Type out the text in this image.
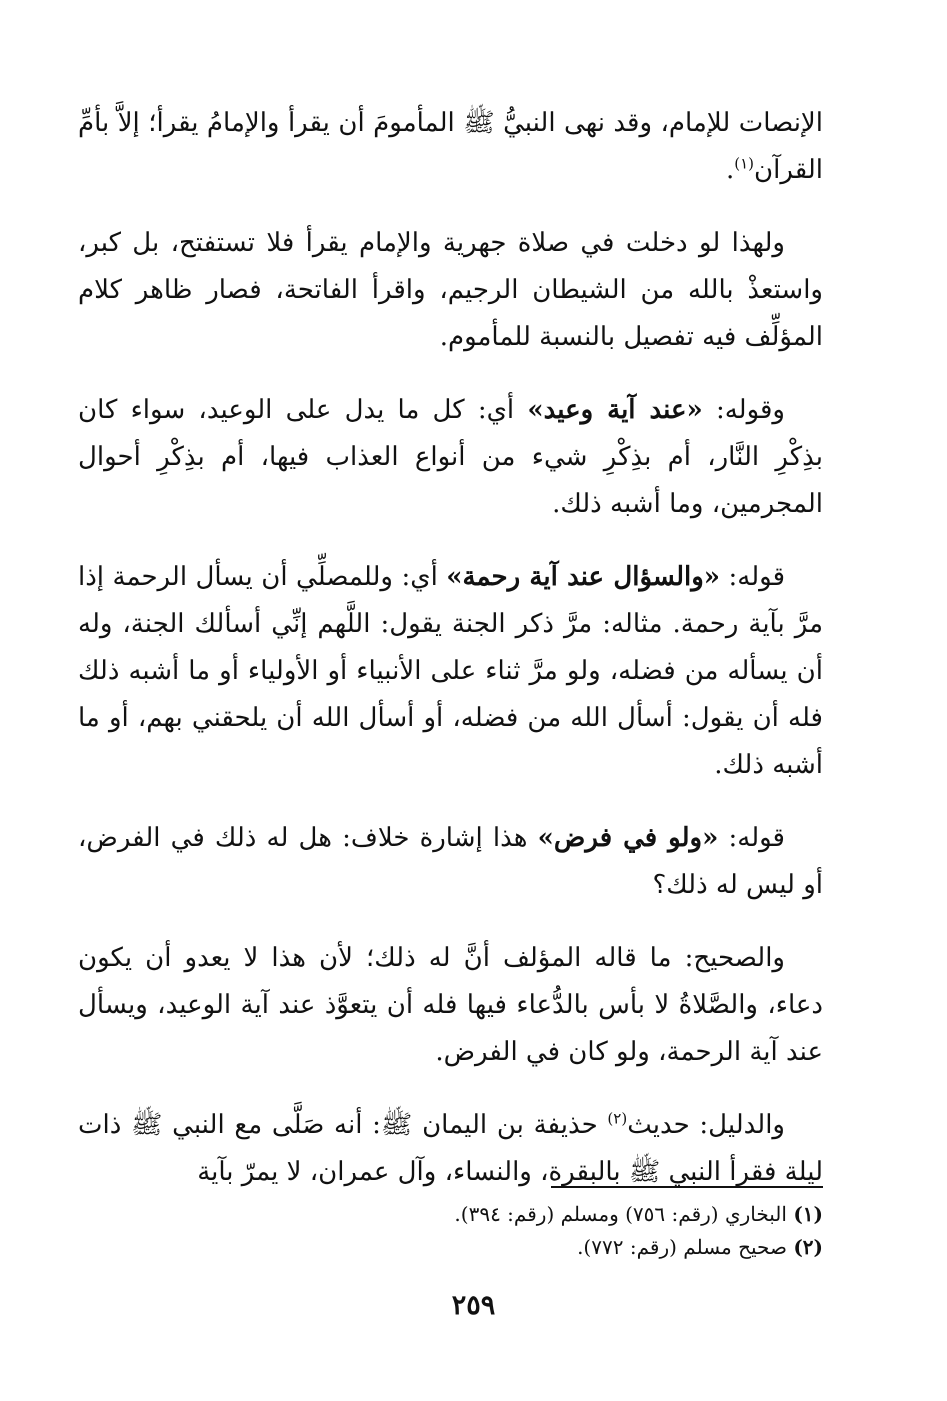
الإنصات للإمام، وقد نهى النبيُّ ﷺ المأمومَ أن يقرأ والإمامُ يقرأ؛ إلاَّ بأمِّ القرآن$^{(١)}$.

ولهذا لو دخلت في صلاة جهرية والإمام يقرأ فلا تستفتح، بل كبر، واستعذْ بالله من الشيطان الرجيم، واقرأ الفاتحة، فصار ظاهر كلام المؤلِّف فيه تفصيل بالنسبة للمأموم.

وقوله: «عند آية وعيد» أي: كل ما يدل على الوعيد، سواء كان بذِكْرِ النَّار، أم بذِكْرِ شيء من أنواع العذاب فيها، أم بذِكْرِ أحوال المجرمين، وما أشبه ذلك.

قوله: «والسؤال عند آية رحمة» أي: وللمصلِّي أن يسأل الرحمة إذا مرَّ بآية رحمة. مثاله: مرَّ ذكر الجنة يقول: اللَّهم إنِّي أسألك الجنة، وله أن يسأله من فضله، ولو مرَّ ثناء على الأنبياء أو الأولياء أو ما أشبه ذلك فله أن يقول: أسأل الله من فضله، أو أسأل الله أن يلحقني بهم، أو ما أشبه ذلك.

قوله: «ولو في فرض» هذا إشارة خلاف: هل له ذلك في الفرض، أو ليس له ذلك؟

والصحيح: ما قاله المؤلف أنَّ له ذلك؛ لأن هذا لا يعدو أن يكون دعاء، والصَّلاةُ لا بأس بالدُّعاء فيها فله أن يتعوَّذ عند آية الوعيد، ويسأل عند آية الرحمة، ولو كان في الفرض.

والدليل: حديث$^{(٢)}$ حذيفة بن اليمان ﷺ: أنه صَلَّى مع النبي ﷺ ذات ليلة فقرأ النبي ﷺ بالبقرة، والنساء، وآل عمران، لا يمرّ بآية

(١) البخاري (رقم: ٧٥٦) ومسلم (رقم: ٣٩٤).

(٢) صحيح مسلم (رقم: ٧٧٢).

٢٥٩
